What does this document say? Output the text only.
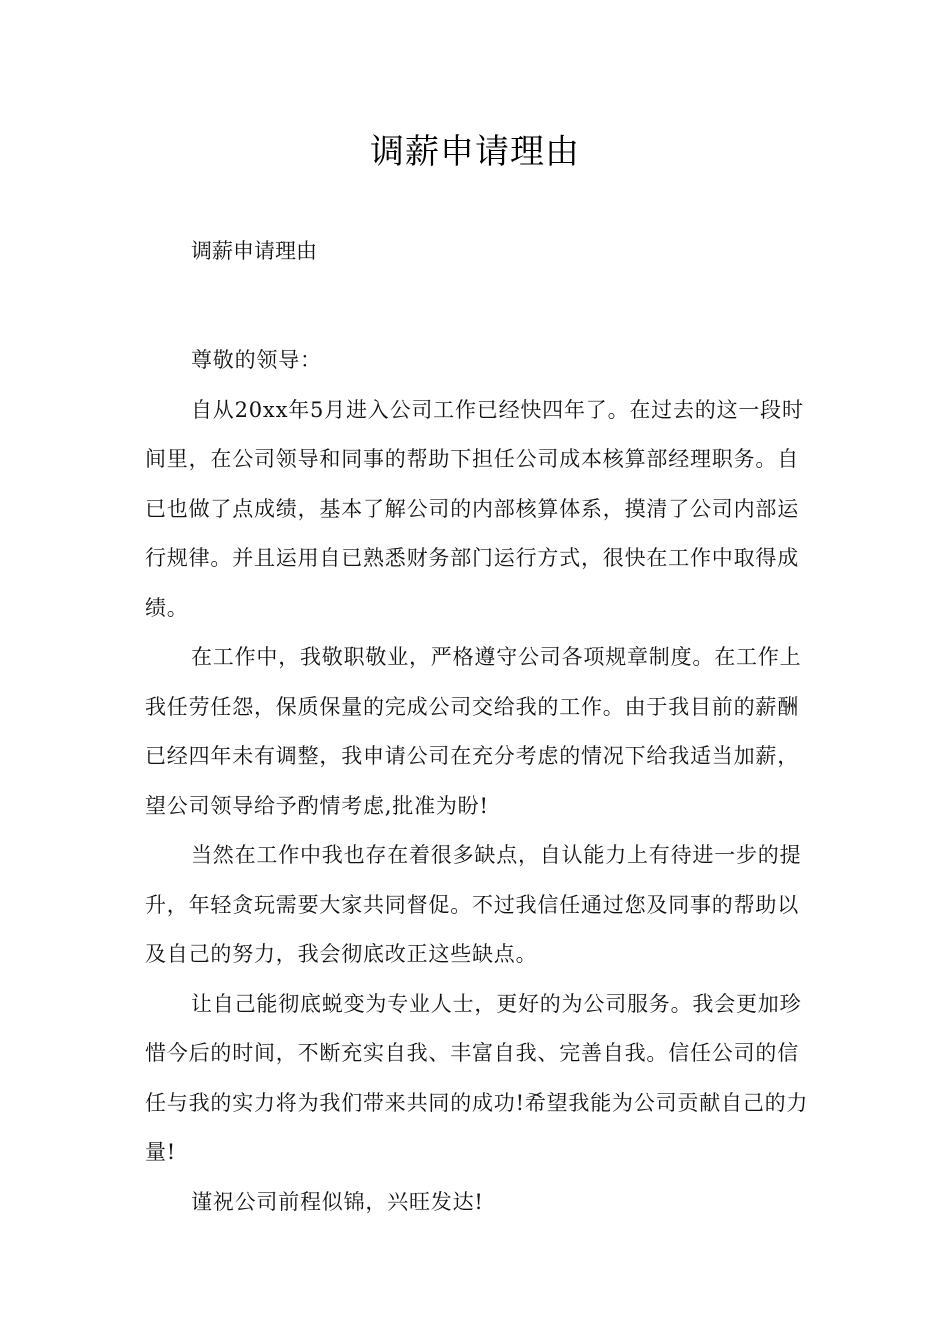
调薪申请理由

调薪申请理由

尊敬的领导：

自从20xx年5月进入公司工作已经快四年了。在过去的这一段时间里，在公司领导和同事的帮助下担任公司成本核算部经理职务。自已也做了点成绩，基本了解公司的内部核算体系，摸清了公司内部运行规律。并且运用自已熟悉财务部门运行方式，很快在工作中取得成绩。

在工作中，我敬职敬业，严格遵守公司各项规章制度。在工作上我任劳任怨，保质保量的完成公司交给我的工作。由于我目前的薪酬已经四年未有调整，我申请公司在充分考虑的情况下给我适当加薪，望公司领导给予酌情考虑,批准为盼!

当然在工作中我也存在着很多缺点，自认能力上有待进一步的提升，年轻贪玩需要大家共同督促。不过我信任通过您及同事的帮助以及自己的努力，我会彻底改正这些缺点。

让自己能彻底蜕变为专业人士，更好的为公司服务。我会更加珍惜今后的时间，不断充实自我、丰富自我、完善自我。信任公司的信任与我的实力将为我们带来共同的成功!希望我能为公司贡献自己的力量!

谨祝公司前程似锦，兴旺发达!
